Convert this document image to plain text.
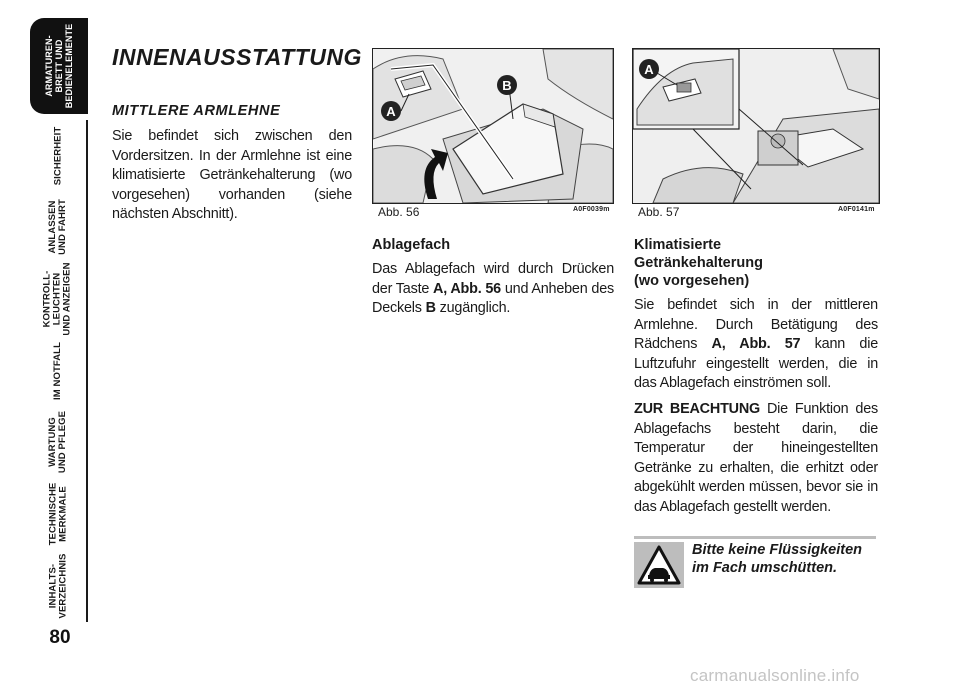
ARMATUREN-
BRETT UND
BEDIENELEMENTE
SICHERHEIT
ANLASSEN
UND FAHRT
KONTROLL-
LEUCHTEN
UND ANZEIGEN
IM NOTFALL
WARTUNG
UND PFLEGE
TECHNISCHE
MERKMALE
INHALTS-
VERZEICHNIS
80
INNENAUSSTATTUNG
MITTLERE ARMLEHNE

Sie befindet sich zwischen den Vordersitzen. In der Armlehne ist eine klimatisierte Getränkehalterung (wo vorgesehen) vorhanden (siehe nächsten Abschnitt).

A
B
Abb. 56	A0F0039m
A
Abb. 57	A0F0141m
Ablagefach

Das Ablagefach wird durch Drücken der Taste A, Abb. 56 und Anheben des Deckels B zugänglich.

Klimatisierte
Getränkehalterung
(wo vorgesehen)

Sie befindet sich in der mittleren Armlehne. Durch Betätigung des Rädchens A, Abb. 57 kann die Luftzufuhr eingestellt werden, die in das Ablagefach einströmen soll.

ZUR BEACHTUNG Die Funktion des Ablagefachs besteht darin, die Temperatur der hineingestellten Getränke zu erhalten, die erhitzt oder abgekühlt werden müssen, bevor sie in das Ablagefach gestellt werden.

Bitte keine Flüssigkeiten
im Fach umschütten.
carmanualsonline.info
